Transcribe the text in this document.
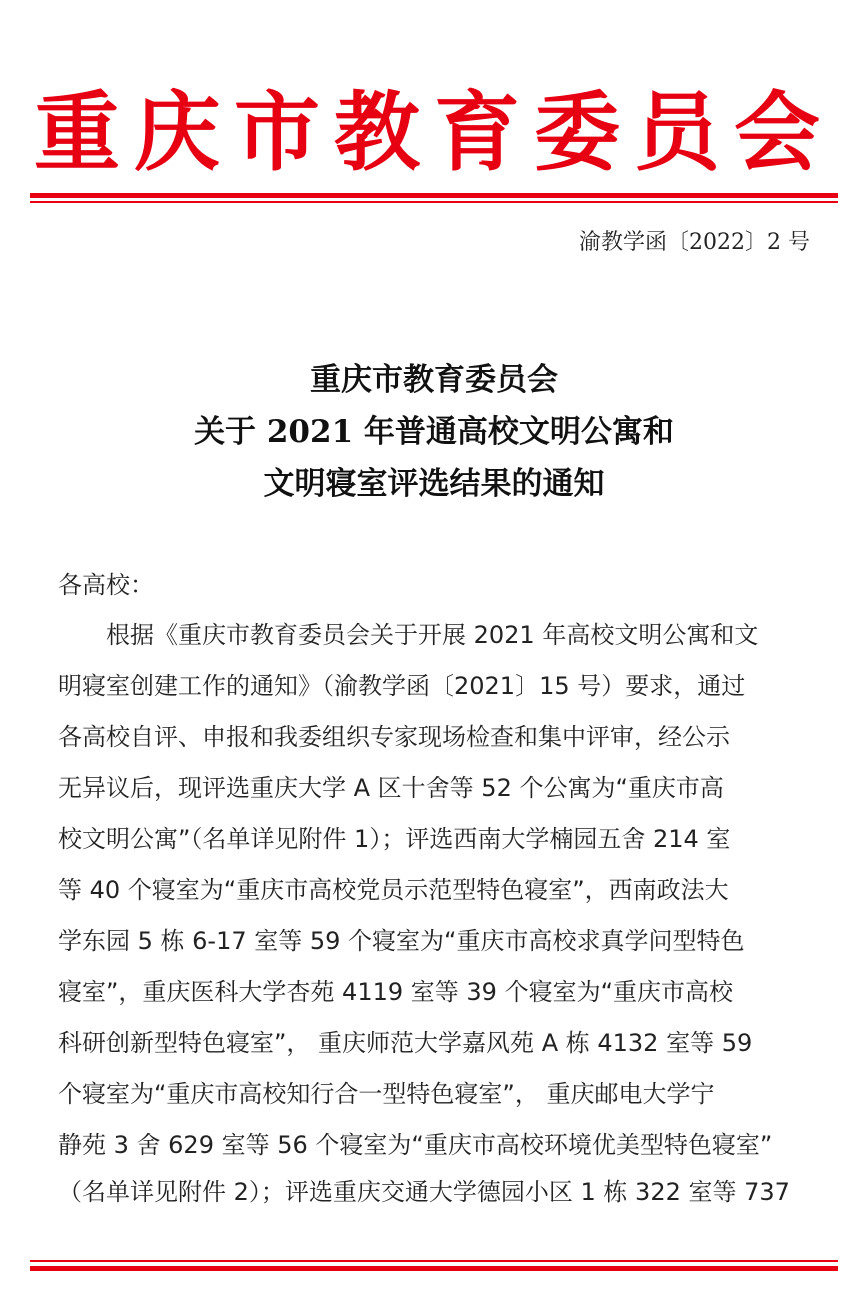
重庆市教育委员会
渝教学函〔2022〕2 号
重庆市教育委员会
关于 2021 年普通高校文明公寓和
文明寝室评选结果的通知
各高校：
　　根据《重庆市教育委员会关于开展 2021 年高校文明公寓和文
明寝室创建工作的通知》（渝教学函〔2021〕15 号）要求，通过
各高校自评、申报和我委组织专家现场检查和集中评审，经公示
无异议后，现评选重庆大学 A 区十舍等 52 个公寓为“重庆市高
校文明公寓”（名单详见附件 1）；评选西南大学楠园五舍 214 室
等 40 个寝室为“重庆市高校党员示范型特色寝室”，西南政法大
学东园 5 栋 6-17 室等 59 个寝室为“重庆市高校求真学问型特色
寝室”，重庆医科大学杏苑 4119 室等 39 个寝室为“重庆市高校
科研创新型特色寝室”， 重庆师范大学嘉风苑 A 栋 4132 室等 59
个寝室为“重庆市高校知行合一型特色寝室”， 重庆邮电大学宁
静苑 3 舍 629 室等 56 个寝室为“重庆市高校环境优美型特色寝室”
（名单详见附件 2）；评选重庆交通大学德园小区 1 栋 322 室等 737
